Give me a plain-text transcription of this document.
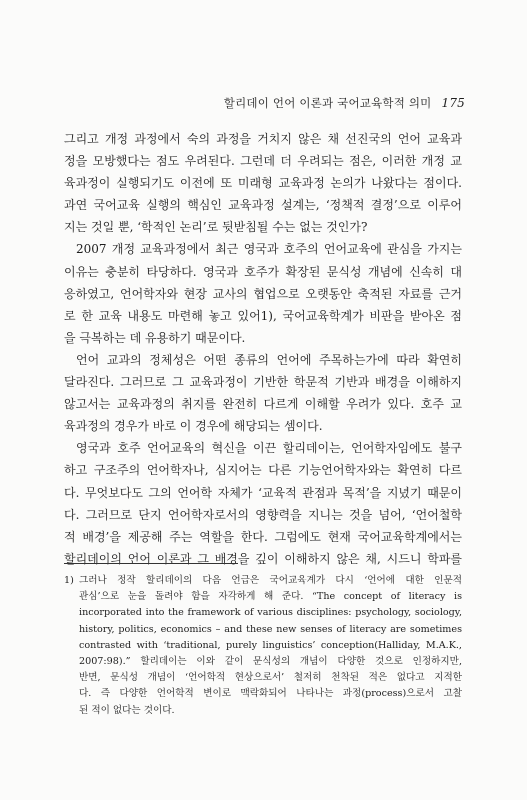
할리데이 언어 이론과 국어교육학적 의미 175
그리고 개정 과정에서 숙의 과정을 거치지 않은 채 선진국의 언어 교육과
정을 모방했다는 점도 우려된다. 그런데 더 우려되는 점은, 이러한 개정 교
육과정이 실행되기도 이전에 또 미래형 교육과정 논의가 나왔다는 점이다.
과연 국어교육 실행의 핵심인 교육과정 설계는, ‘정책적 결정’으로 이루어
지는 것일 뿐, ‘학적인 논리’로 뒷받침될 수는 없는 것인가?
2007 개정 교육과정에서 최근 영국과 호주의 언어교육에 관심을 가지는
이유는 충분히 타당하다. 영국과 호주가 확장된 문식성 개념에 신속히 대
응하였고, 언어학자와 현장 교사의 협업으로 오랫동안 축적된 자료를 근거
로 한 교육 내용도 마련해 놓고 있어1), 국어교육학계가 비판을 받아온 점
을 극복하는 데 유용하기 때문이다.
언어 교과의 정체성은 어떤 종류의 언어에 주목하는가에 따라 확연히
달라진다. 그러므로 그 교육과정이 기반한 학문적 기반과 배경을 이해하지
않고서는 교육과정의 취지를 완전히 다르게 이해할 우려가 있다. 호주 교
육과정의 경우가 바로 이 경우에 해당되는 셈이다.
영국과 호주 언어교육의 혁신을 이끈 할리데이는, 언어학자임에도 불구
하고 구조주의 언어학자나, 심지어는 다른 기능언어학자와는 확연히 다르
다. 무엇보다도 그의 언어학 자체가 ‘교육적 관점과 목적’을 지녔기 때문이
다. 그러므로 단지 언어학자로서의 영향력을 지니는 것을 넘어, ‘언어철학
적 배경’을 제공해 주는 역할을 한다. 그럼에도 현재 국어교육학계에서는
할리데이의 언어 이론과 그 배경을 깊이 이해하지 않은 채, 시드니 학파를
1) 그러나 정작 할리데이의 다음 언급은 국어교육계가 다시 ‘언어에 대한 인문적
관심’으로 눈을 돌려야 함을 자각하게 해 준다. “The concept of literacy is
incorporated into the framework of various disciplines: psychology, sociology,
history, politics, economics – and these new senses of literacy are sometimes
contrasted with ‘traditional, purely linguistics’ conception(Halliday, M.A.K.,
2007:98).” 할리데이는 이와 같이 문식성의 개념이 다양한 것으로 인정하지만,
반면, 문식성 개념이 ‘언어학적 현상으로서’ 철저히 천착된 적은 없다고 지적한
다. 즉 다양한 언어학적 변이로 맥락화되어 나타나는 과정(process)으로서 고찰
된 적이 없다는 것이다.
